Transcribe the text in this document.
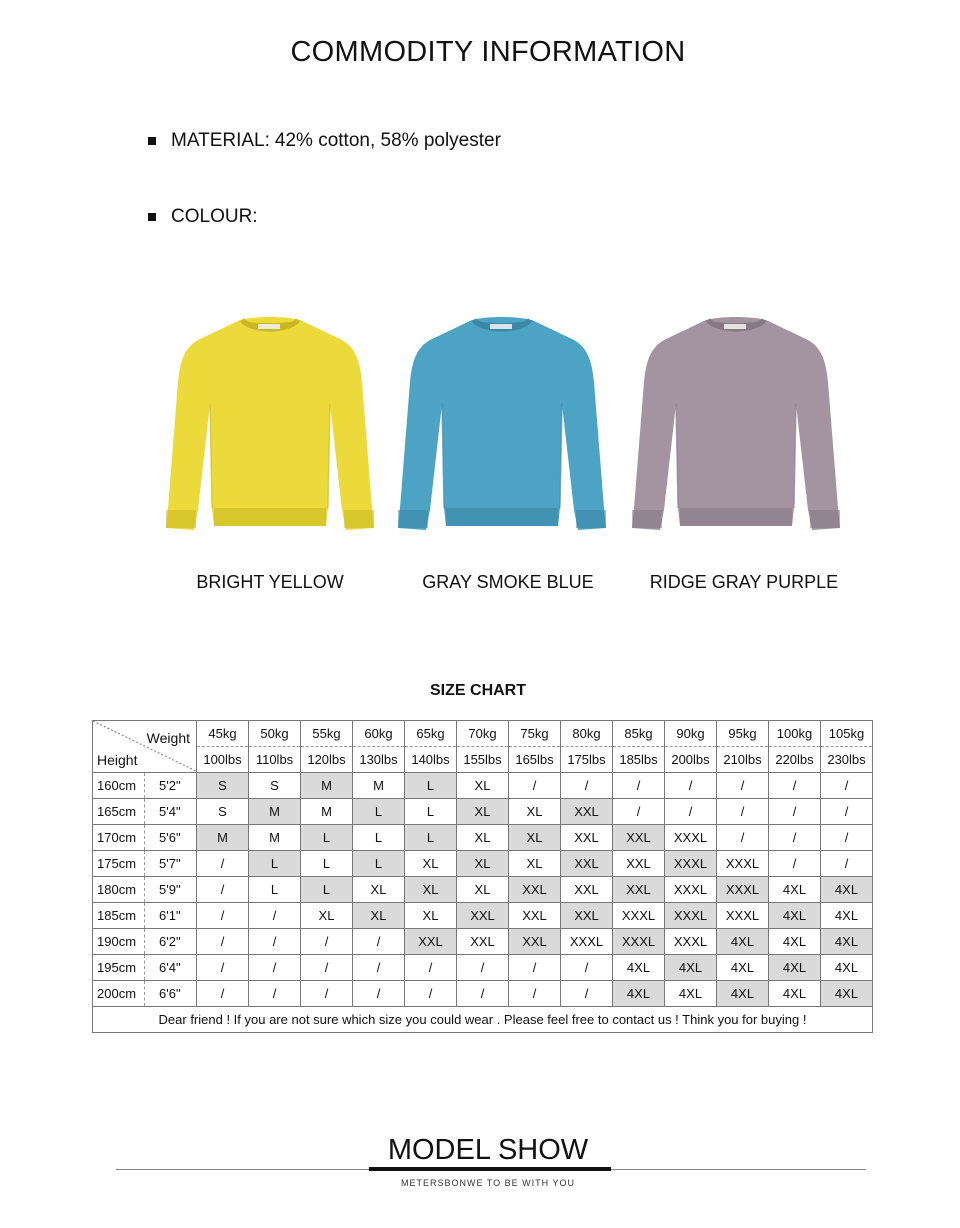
COMMODITY INFORMATION
MATERIAL: 42% cotton, 58% polyester
COLOUR:
BRIGHT YELLOW	GRAY SMOKE BLUE	RIDGE GRAY PURPLE
SIZE CHART
Weight
Height		45kg	50kg	55kg	60kg	65kg	70kg	75kg	80kg	85kg	90kg	95kg	100kg	105kg
		100lbs	110lbs	120lbs	130lbs	140lbs	155lbs	165lbs	175lbs	185lbs	200lbs	210lbs	220lbs	230lbs
160cm	5'2"	S	S	M	M	L	XL	/	/	/	/	/	/	/
165cm	5'4"	S	M	M	L	L	XL	XL	XXL	/	/	/	/	/
170cm	5'6"	M	M	L	L	L	XL	XL	XXL	XXL	XXXL	/	/	/
175cm	5'7"	/	L	L	L	XL	XL	XL	XXL	XXL	XXXL	XXXL	/	/
180cm	5'9"	/	L	L	XL	XL	XL	XXL	XXL	XXL	XXXL	XXXL	4XL	4XL
185cm	6'1"	/	/	XL	XL	XL	XXL	XXL	XXL	XXXL	XXXL	XXXL	4XL	4XL
190cm	6'2"	/	/	/	/	XXL	XXL	XXL	XXXL	XXXL	XXXL	4XL	4XL	4XL
195cm	6'4"	/	/	/	/	/	/	/	/	4XL	4XL	4XL	4XL	4XL
200cm	6'6"	/	/	/	/	/	/	/	/	4XL	4XL	4XL	4XL	4XL
Dear friend ! If you are not sure which size you could wear . Please feel free to contact us ! Think you for buying !														
MODEL SHOW
METERSBONWE TO BE WITH YOU
